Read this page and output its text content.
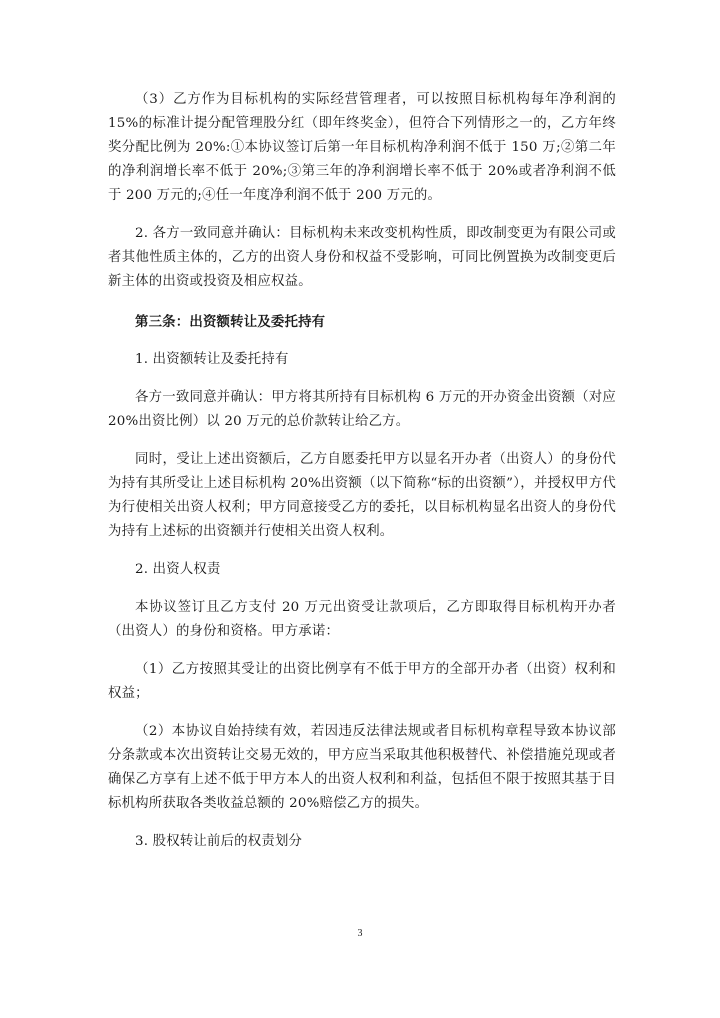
（3）乙方作为目标机构的实际经营管理者，可以按照目标机构每年净利润的 15%的标准计提分配管理股分红（即年终奖金），但符合下列情形之一的，乙方年终奖分配比例为 20%:①本协议签订后第一年目标机构净利润不低于 150 万;②第二年的净利润增长率不低于 20%;③第三年的净利润增长率不低于 20%或者净利润不低于 200 万元的;④任一年度净利润不低于 200 万元的。

2. 各方一致同意并确认：目标机构未来改变机构性质，即改制变更为有限公司或者其他性质主体的，乙方的出资人身份和权益不受影响，可同比例置换为改制变更后新主体的出资或投资及相应权益。

第三条：出资额转让及委托持有

1. 出资额转让及委托持有

各方一致同意并确认：甲方将其所持有目标机构 6 万元的开办资金出资额（对应 20%出资比例）以 20 万元的总价款转让给乙方。

同时，受让上述出资额后，乙方自愿委托甲方以显名开办者（出资人）的身份代为持有其所受让上述目标机构 20%出资额（以下简称“标的出资额”），并授权甲方代为行使相关出资人权利；甲方同意接受乙方的委托，以目标机构显名出资人的身份代为持有上述标的出资额并行使相关出资人权利。

2. 出资人权责

本协议签订且乙方支付 20 万元出资受让款项后，乙方即取得目标机构开办者（出资人）的身份和资格。甲方承诺：

（1）乙方按照其受让的出资比例享有不低于甲方的全部开办者（出资）权利和权益；

（2）本协议自始持续有效，若因违反法律法规或者目标机构章程导致本协议部分条款或本次出资转让交易无效的，甲方应当采取其他积极替代、补偿措施兑现或者确保乙方享有上述不低于甲方本人的出资人权利和利益，包括但不限于按照其基于目标机构所获取各类收益总额的 20%赔偿乙方的损失。

3. 股权转让前后的权责划分

3
